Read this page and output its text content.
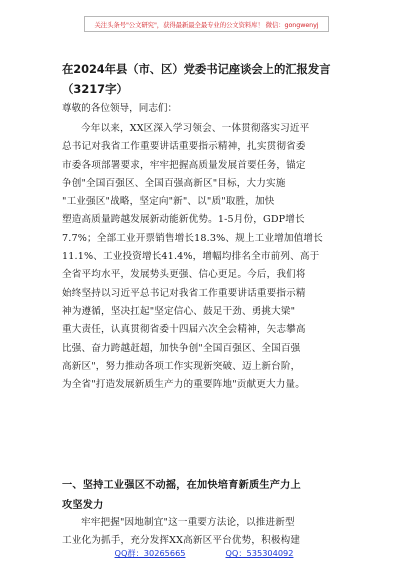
关注头条号"公文研究"，获得最新最全最专业的公文资料库！ 微信：gongwenyj
在2024年县（市、区）党委书记座谈会上的汇报发言
（3217字）
尊敬的各位领导，同志们：
今年以来，XX区深入学习领会、一体贯彻落实习近平
总书记对我省工作重要讲话重要指示精神，扎实贯彻省委
市委各项部署要求，牢牢把握高质量发展首要任务，锚定
争创"全国百强区、全国百强高新区"目标，大力实施
"工业强区"战略，坚定向"新"、以"质"取胜，加快
塑造高质量跨越发展新动能新优势。1-5月份，GDP增长
7.7%；全部工业开票销售增长18.3%、规上工业增加值增长
11.1%、工业投资增长41.4%，增幅均排名全市前列、高于
全省平均水平，发展势头更强、信心更足。今后，我们将
始终坚持以习近平总书记对我省工作重要讲话重要指示精
神为遵循，坚决扛起"坚定信心、鼓足干劲、勇挑大梁"
重大责任，认真贯彻省委十四届六次全会精神，矢志攀高
比强、奋力跨越赶超，加快争创"全国百强区、全国百强
高新区"，努力推动各项工作实现新突破、迈上新台阶，
为全省"打造发展新质生产力的重要阵地"贡献更大力量。
一、坚持工业强区不动摇，在加快培育新质生产力上
攻坚发力
牢牢把握"因地制宜"这一重要方法论，以推进新型
工业化为抓手，充分发挥XX高新区平台优势，积极构建
QQ群：30265665	QQ：535304092
